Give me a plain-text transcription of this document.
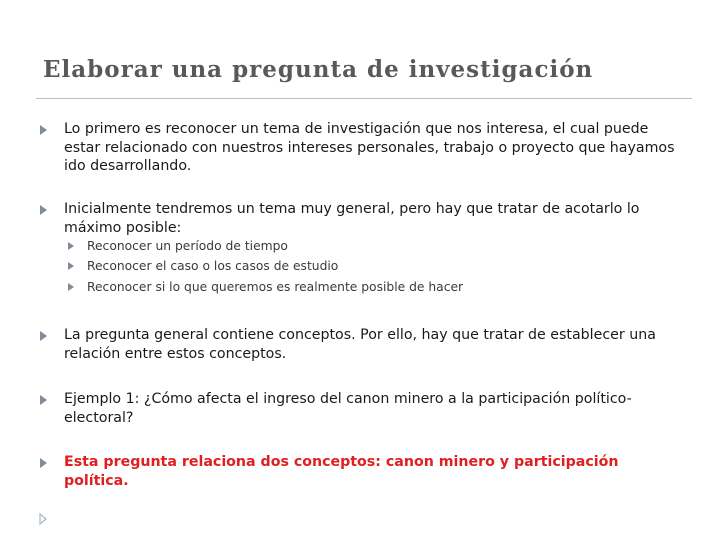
Elaborar una pregunta de investigación
Lo primero es reconocer un tema de investigación que nos interesa, el cual puede estar relacionado con nuestros intereses personales, trabajo o proyecto que hayamos ido desarrollando.
Inicialmente tendremos un tema muy general, pero hay que tratar de acotarlo lo máximo posible:
Reconocer un período de tiempo
Reconocer el caso o los casos de estudio
Reconocer si lo que queremos es realmente posible de hacer
La pregunta general contiene conceptos. Por ello, hay que tratar de establecer una relación entre estos conceptos.
Ejemplo 1: ¿Cómo afecta el ingreso del canon minero a la participación político-electoral?
Esta pregunta relaciona dos conceptos: canon minero y participación política.
